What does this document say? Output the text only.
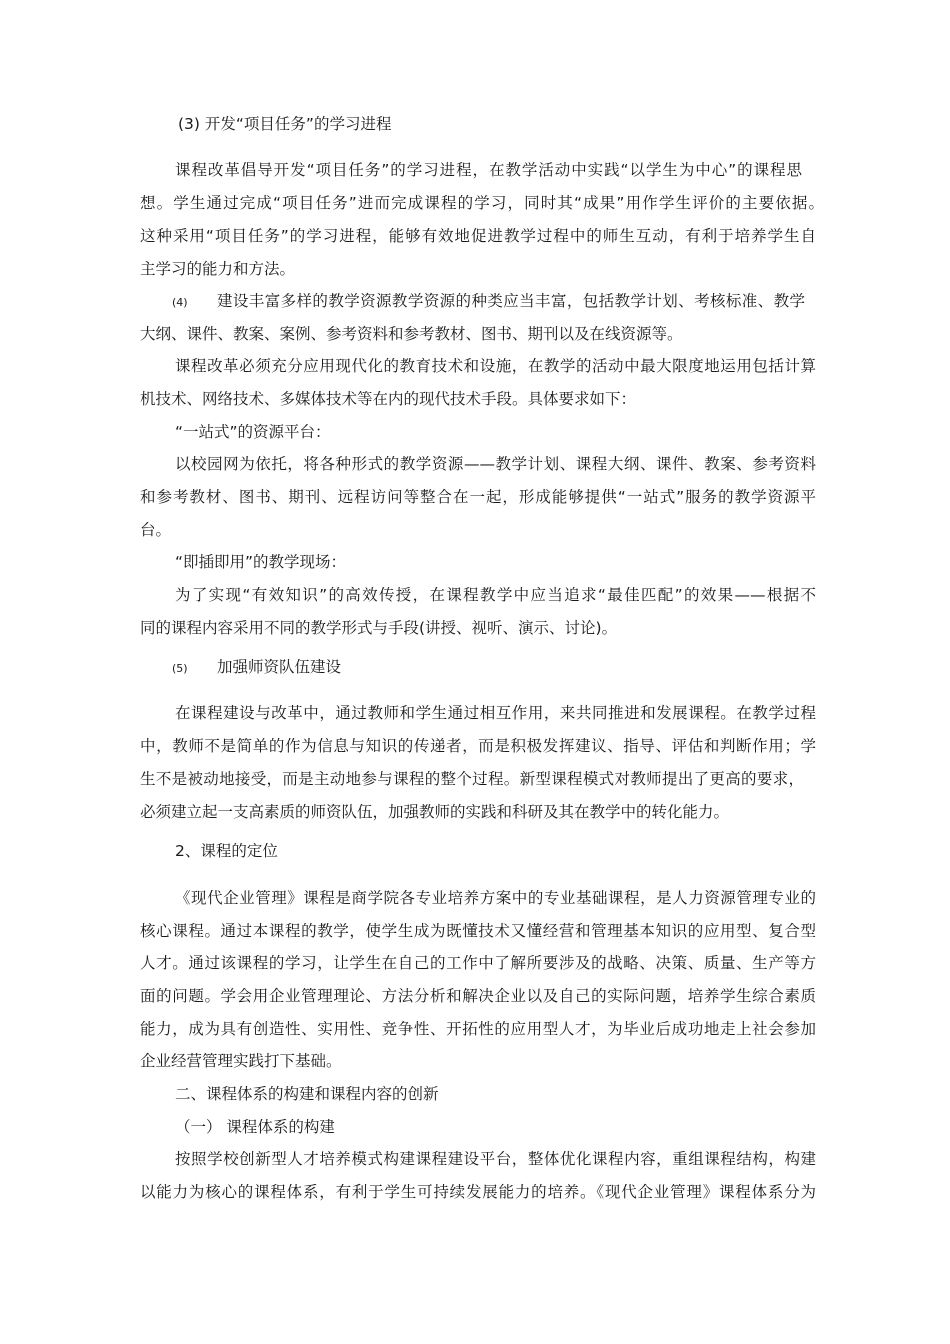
(3) 开发“项目任务”的学习进程
课程改革倡导开发“项目任务”的学习进程，在教学活动中实践“以学生为中心”的课程思
想。学生通过完成“项目任务”进而完成课程的学习，同时其“成果”用作学生评价的主要依据。
这种采用“项目任务”的学习进程，能够有效地促进教学过程中的师生互动，有利于培养学生自
主学习的能力和方法。
(4) 建设丰富多样的教学资源教学资源的种类应当丰富，包括教学计划、考核标准、教学
大纲、课件、教案、案例、参考资料和参考教材、图书、期刊以及在线资源等。
课程改革必须充分应用现代化的教育技术和设施，在教学的活动中最大限度地运用包括计算
机技术、网络技术、多媒体技术等在内的现代技术手段。具体要求如下：
“一站式”的资源平台：
以校园网为依托，将各种形式的教学资源——教学计划、课程大纲、课件、教案、参考资料
和参考教材、图书、期刊、远程访问等整合在一起，形成能够提供“一站式”服务的教学资源平
台。
“即插即用”的教学现场：
为了实现“有效知识”的高效传授，在课程教学中应当追求“最佳匹配”的效果——根据不
同的课程内容采用不同的教学形式与手段(讲授、视听、演示、讨论)。
(5) 加强师资队伍建设
在课程建设与改革中，通过教师和学生通过相互作用，来共同推进和发展课程。在教学过程
中，教师不是简单的作为信息与知识的传递者，而是积极发挥建议、指导、评估和判断作用；学
生不是被动地接受，而是主动地参与课程的整个过程。新型课程模式对教师提出了更高的要求，
必须建立起一支高素质的师资队伍，加强教师的实践和科研及其在教学中的转化能力。
2、课程的定位
《现代企业管理》课程是商学院各专业培养方案中的专业基础课程，是人力资源管理专业的
核心课程。通过本课程的教学，使学生成为既懂技术又懂经营和管理基本知识的应用型、复合型
人才。通过该课程的学习，让学生在自己的工作中了解所要涉及的战略、决策、质量、生产等方
面的问题。学会用企业管理理论、方法分析和解决企业以及自己的实际问题，培养学生综合素质
能力，成为具有创造性、实用性、竞争性、开拓性的应用型人才，为毕业后成功地走上社会参加
企业经营管理实践打下基础。
二、课程体系的构建和课程内容的创新
（一） 课程体系的构建
按照学校创新型人才培养模式构建课程建设平台，整体优化课程内容，重组课程结构，构建
以能力为核心的课程体系，有利于学生可持续发展能力的培养。《现代企业管理》课程体系分为
